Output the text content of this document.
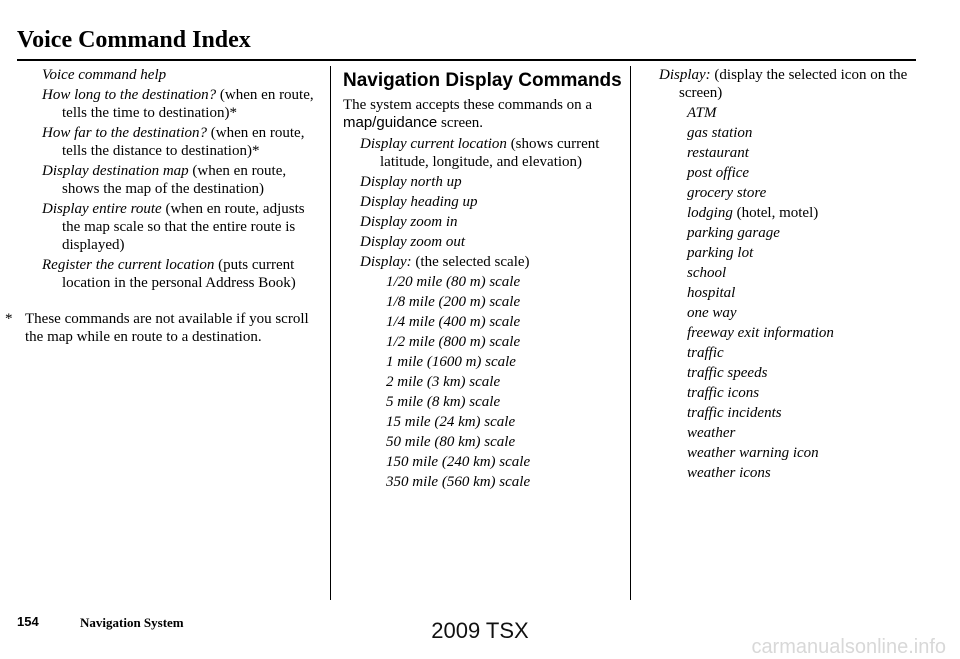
Voice Command Index
Voice command help
How long to the destination? (when en route, tells the time to destination)*
How far to the destination? (when en route, tells the distance to destination)*
Display destination map (when en route, shows the map of the destination)
Display entire route (when en route, adjusts the map scale so that the entire route is displayed)
Register the current location (puts current location in the personal Address Book)
* These commands are not available if you scroll the map while en route to a destination.
Navigation Display Commands
The system accepts these commands on a map/guidance screen.
Display current location (shows current latitude, longitude, and elevation)
Display north up
Display heading up
Display zoom in
Display zoom out
Display: (the selected scale)
1/20 mile (80 m) scale
1/8 mile (200 m) scale
1/4 mile (400 m) scale
1/2 mile (800 m) scale
1 mile (1600 m) scale
2 mile (3 km) scale
5 mile (8 km) scale
15 mile (24 km) scale
50 mile (80 km) scale
150 mile (240 km) scale
350 mile (560 km) scale
Display: (display the selected icon on the screen)
ATM
gas station
restaurant
post office
grocery store
lodging (hotel, motel)
parking garage
parking lot
school
hospital
one way
freeway exit information
traffic
traffic speeds
traffic icons
traffic incidents
weather
weather warning icon
weather icons
154	Navigation System	2009 TSX
carmanualsonline.info
